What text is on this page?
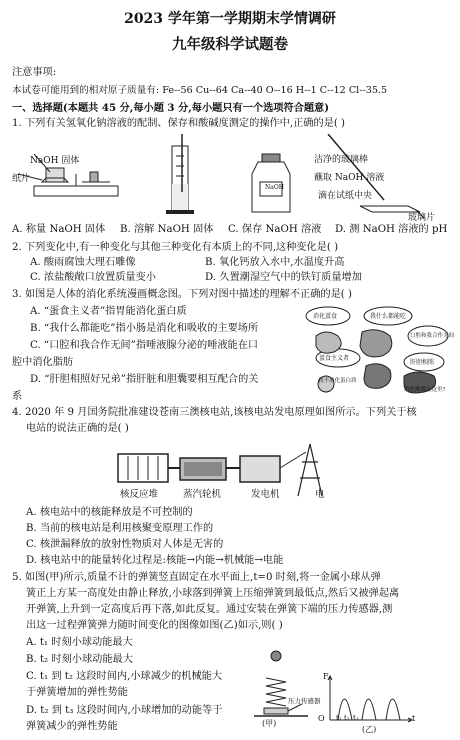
2023 学年第一学期期末学情调研
九年级科学试题卷
注意事项:
本试卷可能用到的相对原子质量有: Fe--56 Cu--64 Ca--40 O--16 H--1 C--12 Cl--35.5
一、选择题(本题共 45 分,每小题 3 分,每小题只有一个选项符合题意)
1. 下列有关氢氧化钠溶液的配制、保存和酸碱度测定的操作中,正确的是( )
NaOH 固体
纸片
NaOH
洁净的玻璃棒
蘸取 NaOH 溶液
滴在试纸中央
玻璃片
A. 称量 NaOH 固体 B. 溶解 NaOH 固体 C. 保存 NaOH 溶液 D. 测 NaOH 溶液的 pH
2. 下列变化中,有一种变化与其他三种变化有本质上的不同,这种变化是( )
A. 酸雨腐蚀大理石雕像	B. 氧化钙放入水中,水温度升高
C. 浓盐酸敞口放置质量变小	D. 久置潮湿空气中的铁钉质量增加
3. 如图是人体的消化系统漫画概念图。下列对图中描述的理解不正确的是( )
A. “蛋食主义者”指胃能消化蛋白质
B. “我什么都能吃”指小肠是消化和吸收的主要场所
C. “口腔和我合作无间”指唾液腺分泌的唾液能在口
腔中消化脂肪
D. “肝胆相照好兄弟”指肝脏和胆囊要相互配合的关
系
消化蛋食	我什么都能吃
口腔和我合作无间
肝胆相照
蛋食主义者
我不消化蛋白质
消化酶都在这里?
4. 2020 年 9 月国务院批准建设苍南三澳核电站,该核电站发电原理如图所示。下列关于核
电站的说法正确的是( )
核反应堆	蒸汽轮机	发电机	电
A. 核电站中的核能释放是不可控制的
B. 当前的核电站是利用核聚变原理工作的
C. 核泄漏释放的放射性物质对人体是无害的
D. 核电站中的能量转化过程是:核能→内能→机械能→电能
5. 如图(甲)所示,质量不计的弹簧竖直固定在水平面上,t=0 时刻,将一金属小球从弹
簧正上方某一高度处由静止释放,小球落到弹簧上压缩弹簧到最低点,然后又被弹起离
开弹簧,上升到一定高度后再下落,如此反复。通过安装在弹簧下端的压力传感器,测
出这一过程弹簧弹力随时间变化的图像如图(乙)如示,则( )
A. t₁ 时刻小球动能最大
B. t₂ 时刻小球动能最大
C. t₁ 到 t₂ 这段时间内,小球减少的机械能大
于弹簧增加的弹性势能
D. t₂ 到 t₃ 这段时间内,小球增加的动能等于
弹簧减少的弹性势能
压力传感器
(甲)
F
O t₁ t₂ t₃	t
(乙)
